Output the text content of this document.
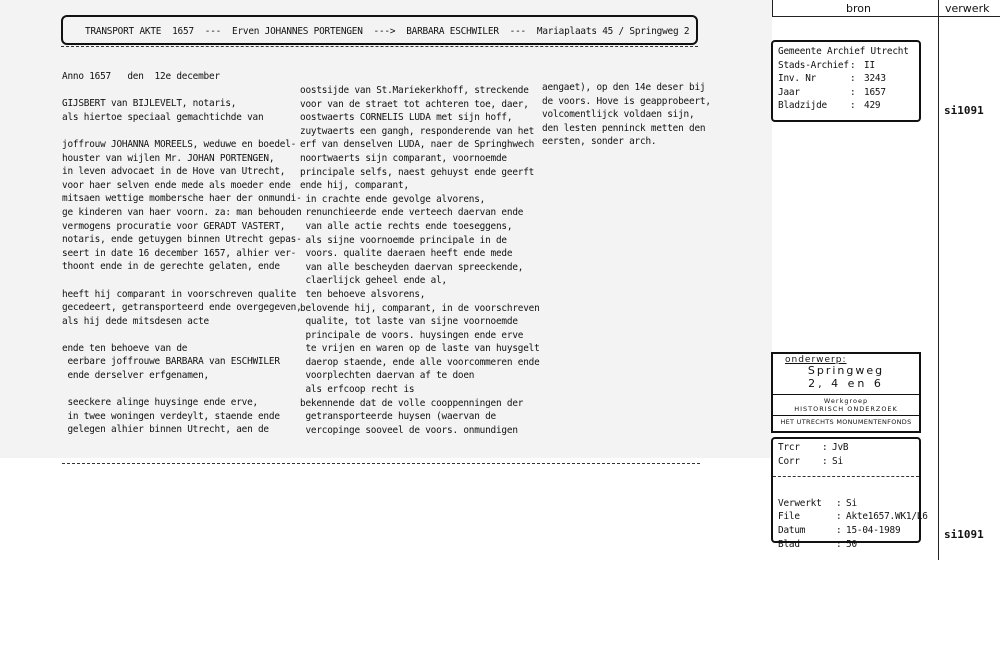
TRANSPORT AKTE  1657  ---  Erven JOHANNES PORTENGEN  --->  BARBARA ESCHWILER  ---  Mariaplaats 45 / Springweg 2
Anno 1657   den  12e december
GIJSBERT van BIJLEVELT, notaris,
als hiertoe speciaal gemachtichde van
joffrouw JOHANNA MOREELS, weduwe en boedel-
houster van wijlen Mr. JOHAN PORTENGEN,
in leven advocaet in de Hove van Utrecht,
voor haer selven ende mede als moeder ende
mitsaen wettige mombersche haer der onmundi-
ge kinderen van haer voorn. za: man behouden
vermogens procuratie voor GERADT VASTERT,
notaris, ende getuygen binnen Utrecht gepas-
seert in date 16 december 1657, alhier ver-
thoont ende in de gerechte gelaten, ende
heeft hij comparant in voorschreven qualite
gecedeert, getransporteerd ende overgegeven,
als hij dede mitsdesen acte
ende ten behoeve van de
eerbare joffrouwe BARBARA van ESCHWILER
ende derselver erfgenamen,
seeckere alinge huysinge ende erve,
in twee woningen verdeylt, staende ende
gelegen alhier binnen Utrecht, aen de
oostsijde van St.Mariekerkhoff, streckende
voor van de straet tot achteren toe, daer,
oostwaerts CORNELIS LUDA met sijn hoff,
zuytwaerts een gangh, responderende van het
erf van denselven LUDA, naer de Springhwech
noortwaerts sijn comparant, voornoemde
principale selfs, naest gehuyst ende geerft
ende hij, comparant,
in crachte ende gevolge alvorens,
renunchieerde ende verteech daervan ende
van alle actie rechts ende toeseggens,
als sijne voornoemde principale in de
voors. qualite daeraen heeft ende mede
van alle bescheyden daervan spreeckende,
claerlijck geheel ende al,
ten behoeve alsvorens,
belovende hij, comparant, in de voorschreven
qualite, tot laste van sijne voornoemde
principale de voors. huysingen ende erve
te vrijen en waren op de laste van huysgelt
daerop staende, ende alle voorcommeren ende
voorplechten daervan af te doen
als erfcoop recht is
bekennende dat de volle cooppenningen der
getransporteerde huysen (waervan de
vercopinge sooveel de voors. onmundigen
aengaet), op den 14e deser bij
de voors. Hove is geapprobeert,
volcomentlijck voldaen sijn,
den lesten penninck metten den
eersten, sonder arch.
bron	verwerk
Gemeente Archief Utrecht
Stads-Archief: II
Inv. Nr	: 3243
Jaar	: 1657
Bladzijde : 429	si1091
onderwerp:
Springweg
2, 4 en 6
Werkgroep
HISTORISCH ONDERZOEK
HET UTRECHTS MONUMENTENFONDS
Trcr : JvB
Corr : Si
Verwerkt : Si
File	: Akte1657.WK1/L6
Datum	: 15-04-1989
Blad	: 50
si1091
